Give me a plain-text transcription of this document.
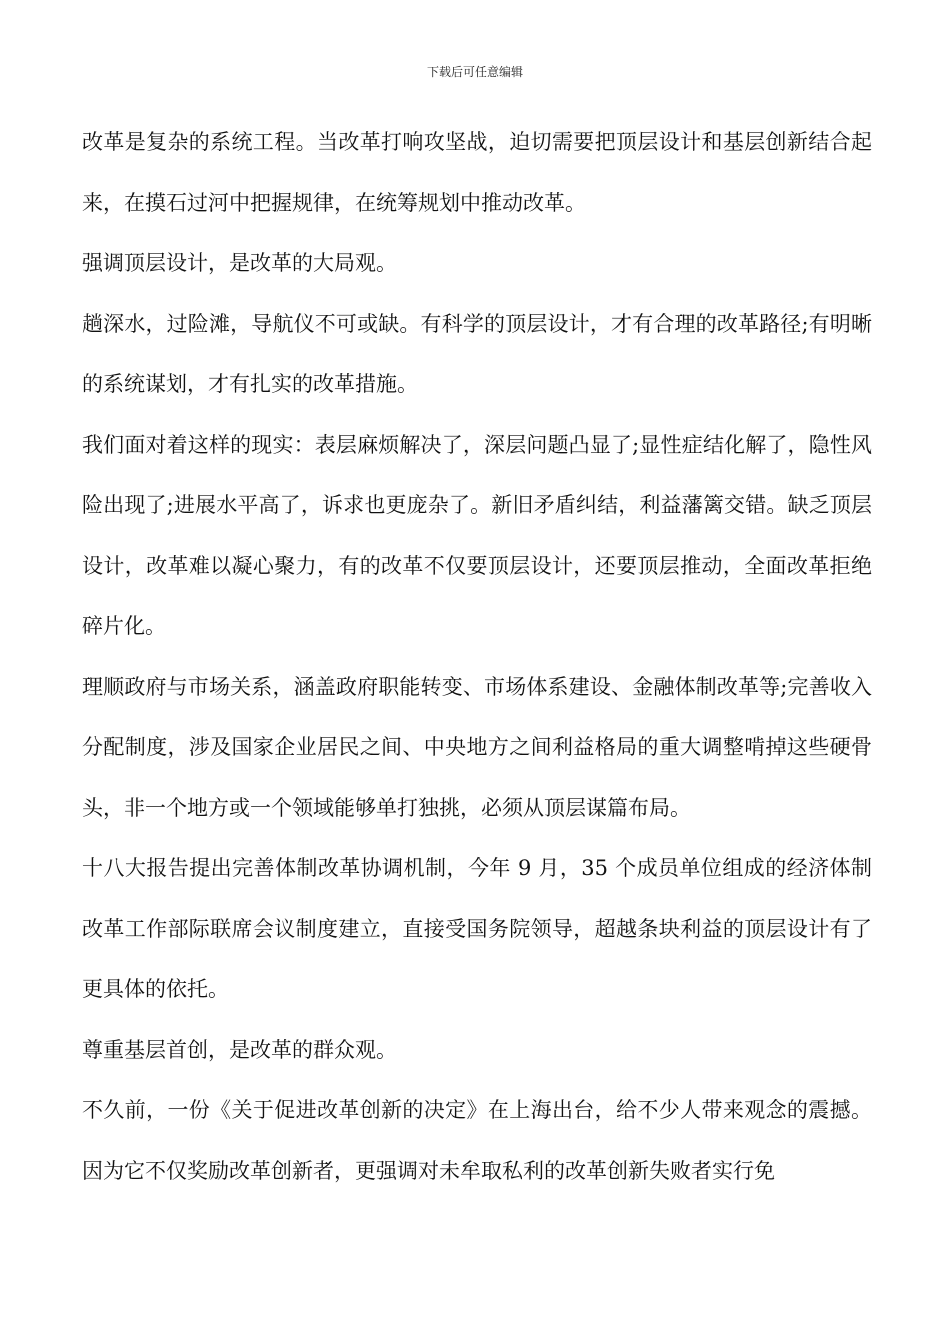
下载后可任意编辑

改革是复杂的系统工程。当改革打响攻坚战，迫切需要把顶层设计和基层创新结合起来，在摸石过河中把握规律，在统筹规划中推动改革。

强调顶层设计，是改革的大局观。

趟深水，过险滩，导航仪不可或缺。有科学的顶层设计，才有合理的改革路径;有明晰的系统谋划，才有扎实的改革措施。

我们面对着这样的现实：表层麻烦解决了，深层问题凸显了;显性症结化解了，隐性风险出现了;进展水平高了，诉求也更庞杂了。新旧矛盾纠结，利益藩篱交错。缺乏顶层设计，改革难以凝心聚力，有的改革不仅要顶层设计，还要顶层推动，全面改革拒绝碎片化。

理顺政府与市场关系，涵盖政府职能转变、市场体系建设、金融体制改革等;完善收入分配制度，涉及国家企业居民之间、中央地方之间利益格局的重大调整啃掉这些硬骨头，非一个地方或一个领域能够单打独挑，必须从顶层谋篇布局。

十八大报告提出完善体制改革协调机制，今年 9 月，35 个成员单位组成的经济体制改革工作部际联席会议制度建立，直接受国务院领导，超越条块利益的顶层设计有了更具体的依托。

尊重基层首创，是改革的群众观。

不久前，一份《关于促进改革创新的决定》在上海出台，给不少人带来观念的震撼。因为它不仅奖励改革创新者，更强调对未牟取私利的改革创新失败者实行免
